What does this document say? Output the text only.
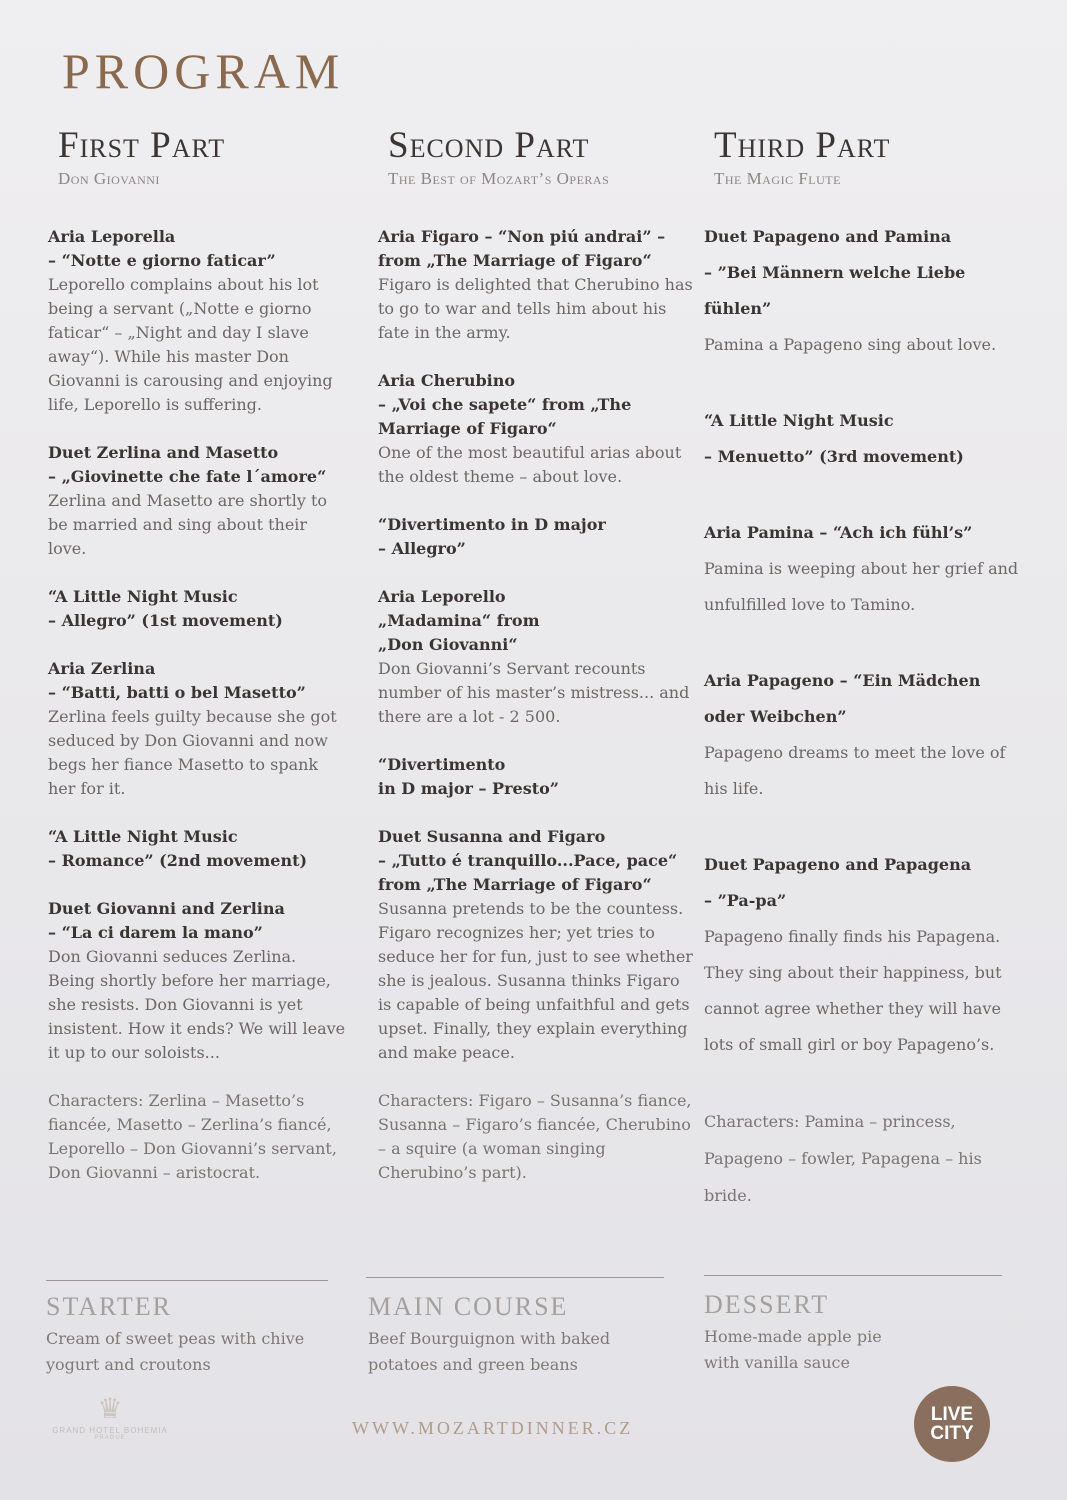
PROGRAM
First Part
Don Giovanni
Aria Leporella
– “Notte e giorno faticar”
Leporello complains about his lot being a servant („Notte e giorno faticar“ – „Night and day I slave away“). While his master Don Giovanni is carousing and enjoying life, Leporello is suffering.
Duet Zerlina and Masetto
– „Giovinette che fate l´amore“
Zerlina and Masetto are shortly to be married and sing about their love.
“A Little Night Music
– Allegro” (1st movement)
Aria Zerlina
– “Batti, batti o bel Masetto”
Zerlina feels guilty because she got seduced by Don Giovanni and now begs her fiance Masetto to spank her for it.
“A Little Night Music
– Romance” (2nd movement)
Duet Giovanni and Zerlina
– “La ci darem la mano”
Don Giovanni seduces Zerlina. Being shortly before her marriage, she resists. Don Giovanni is yet insistent. How it ends? We will leave it up to our soloists...
Characters: Zerlina – Masetto’s fiancée, Masetto – Zerlina’s fiancé, Leporello – Don Giovanni’s servant, Don Giovanni – aristocrat.
Second Part
The Best of Mozart’s Operas
Aria Figaro – “Non piú andrai” – from „The Marriage of Figaro“
Figaro is delighted that Cherubino has to go to war and tells him about his fate in the army.
Aria Cherubino
– „Voi che sapete“ from „The Marriage of Figaro“
One of the most beautiful arias about the oldest theme – about love.
“Divertimento in D major
– Allegro”
Aria Leporello
„Madamina“ from
„Don Giovanni“
Don Giovanni’s Servant recounts number of his master’s mistress... and there are a lot - 2 500.
“Divertimento
in D major – Presto”
Duet Susanna and Figaro
– „Tutto é tranquillo...Pace, pace“ from „The Marriage of Figaro“
Susanna pretends to be the countess. Figaro recognizes her; yet tries to seduce her for fun, just to see whether she is jealous. Susanna thinks Figaro is capable of being unfaithful and gets upset. Finally, they explain everything and make peace.
Characters: Figaro – Susanna’s fiance, Susanna – Figaro’s fiancée, Cherubino – a squire (a woman singing Cherubino’s part).
Third Part
The Magic Flute
Duet Papageno and Pamina
– ”Bei Männern welche Liebe fühlen”
Pamina a Papageno sing about love.
“A Little Night Music
– Menuetto” (3rd movement)
Aria Pamina – “Ach ich fühl’s”
Pamina is weeping about her grief and unfulfilled love to Tamino.
Aria Papageno – “Ein Mädchen oder Weibchen”
Papageno dreams to meet the love of his life.
Duet Papageno and Papagena
– ”Pa-pa”
Papageno finally finds his Papagena. They sing about their happiness, but cannot agree whether they will have lots of small girl or boy Papageno’s.
Characters: Pamina – princess, Papageno – fowler, Papagena – his bride.
STARTER
Cream of sweet peas with chive yogurt and croutons
MAIN COURSE
Beef Bourguignon with baked potatoes and green beans
DESSERT
Home-made apple pie with vanilla sauce
♛
GRAND HOTEL BOHEMIA
PRAGUE	WWW.MOZARTDINNER.CZ
LIVE
CITY
